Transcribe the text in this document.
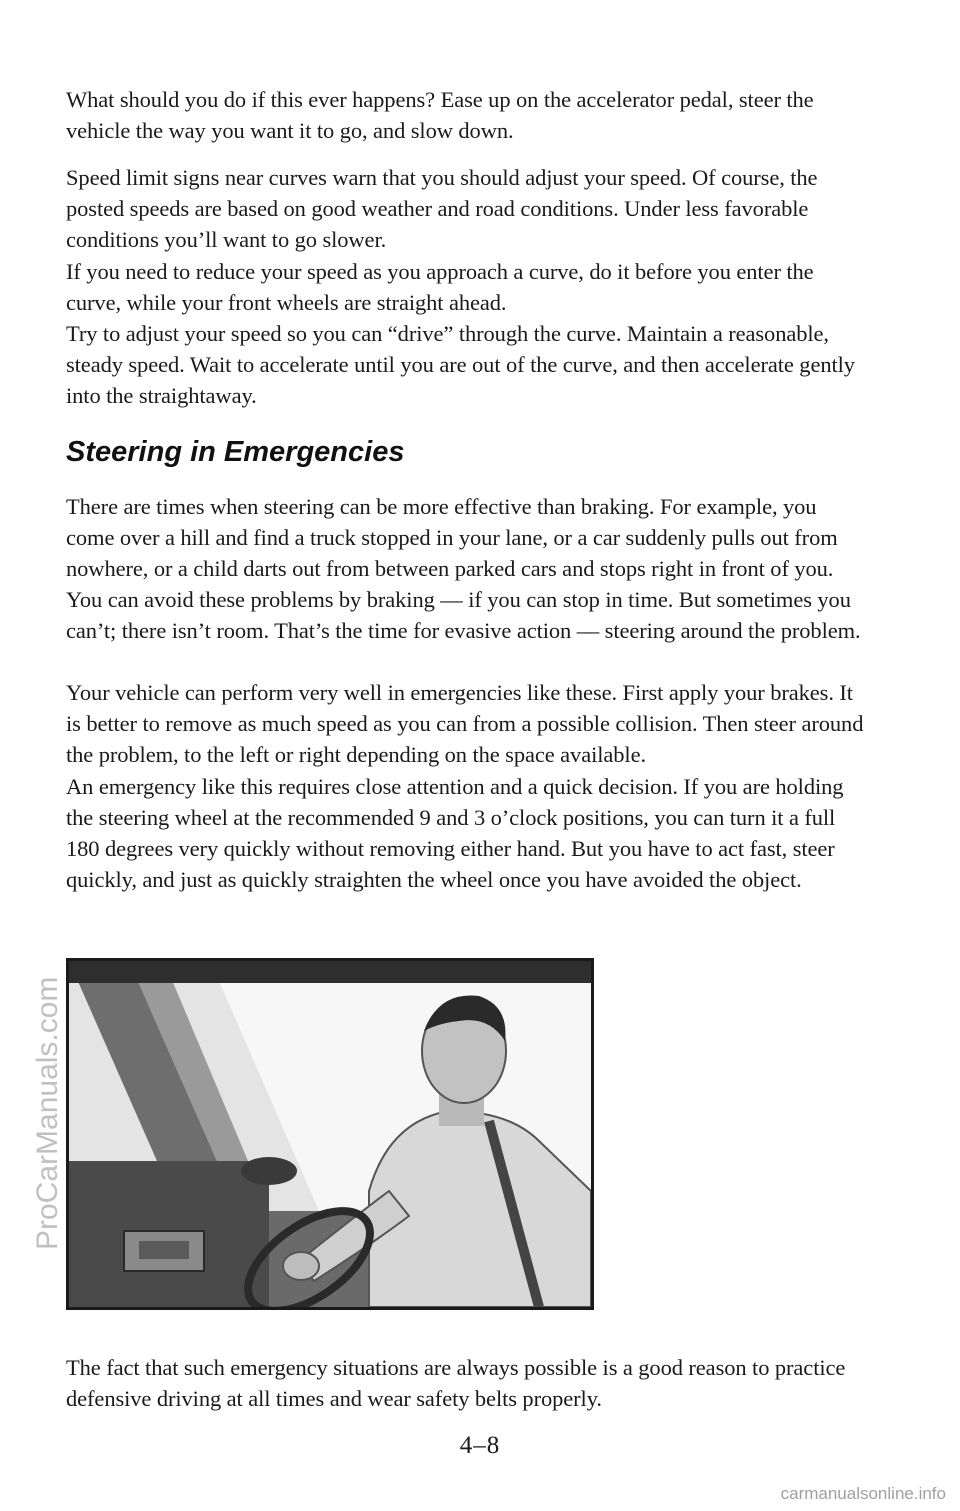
What should you do if this ever happens? Ease up on the accelerator pedal, steer the vehicle the way you want it to go, and slow down.

Speed limit signs near curves warn that you should adjust your speed. Of course, the posted speeds are based on good weather and road conditions. Under less favorable conditions you’ll want to go slower.

If you need to reduce your speed as you approach a curve, do it before you enter the curve, while your front wheels are straight ahead.

Try to adjust your speed so you can “drive” through the curve. Maintain a reasonable, steady speed. Wait to accelerate until you are out of the curve, and then accelerate gently into the straightaway.

Steering in Emergencies

There are times when steering can be more effective than braking. For example, you come over a hill and find a truck stopped in your lane, or a car suddenly pulls out from nowhere, or a child darts out from between parked cars and stops right in front of you. You can avoid these problems by braking — if you can stop in time. But sometimes you can’t; there isn’t room. That’s the time for evasive action — steering around the problem.

Your vehicle can perform very well in emergencies like these. First apply your brakes. It is better to remove as much speed as you can from a possible collision. Then steer around the problem, to the left or right depending on the space available.

An emergency like this requires close attention and a quick decision. If you are holding the steering wheel at the recommended 9 and 3 o’clock positions, you can turn it a full 180 degrees very quickly without removing either hand. But you have to act fast, steer quickly, and just as quickly straighten the wheel once you have avoided the object.

The fact that such emergency situations are always possible is a good reason to practice defensive driving at all times and wear safety belts properly.

4–8
ProCarManuals.com
carmanualsonline.info
